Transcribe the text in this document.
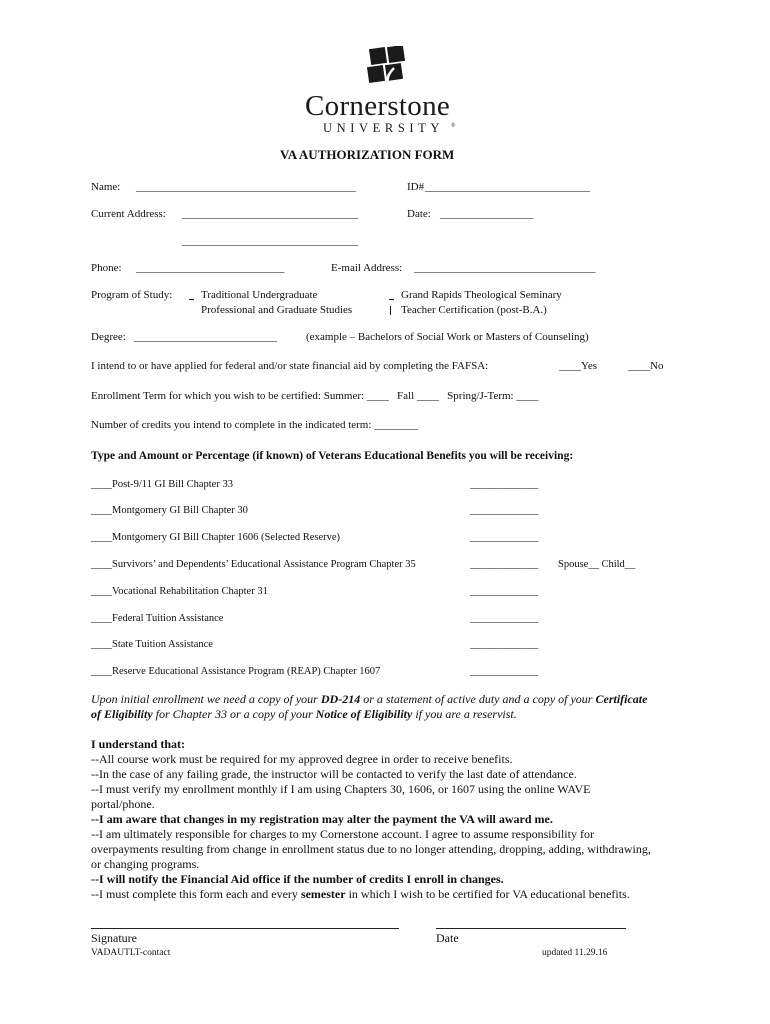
Cornerstone
UNIVERSITY ®
VA AUTHORIZATION FORM
Name: ________________________________________	ID# ______________________________
Current Address: ________________________________	Date: _________________
________________________________
Phone: ___________________________	E-mail Address: _________________________________
Program of Study:	Traditional Undergraduate	Grand Rapids Theological Seminary
Professional and Graduate Studies	Teacher Certification (post-B.A.)
Degree: __________________________	(example – Bachelors of Social Work or Masters of Counseling)
I intend to or have applied for federal and/or state financial aid by completing the FAFSA:	____Yes	____No
Enrollment Term for which you wish to be certified: Summer: ____   Fall ____   Spring/J-Term: ____
Number of credits you intend to complete in the indicated term: ________
Type and Amount or Percentage (if known) of Veterans Educational Benefits you will be receiving:
____Post-9/11 GI Bill Chapter 33	_____________
____Montgomery GI Bill Chapter 30	_____________
____Montgomery GI Bill Chapter 1606 (Selected Reserve)	_____________
____Survivors’ and Dependents’ Educational Assistance Program Chapter 35	_____________ Spouse__ Child__
____Vocational Rehabilitation Chapter 31	_____________
____Federal Tuition Assistance	_____________
____State Tuition Assistance	_____________
____Reserve Educational Assistance Program (REAP) Chapter 1607	_____________
Upon initial enrollment we need a copy of your DD-214 or a statement of active duty and a copy of your Certificate
of Eligibility for Chapter 33 or a copy of your Notice of Eligibility if you are a reservist.
I understand that:
--All course work must be required for my approved degree in order to receive benefits.
--In the case of any failing grade, the instructor will be contacted to verify the last date of attendance.
--I must verify my enrollment monthly if I am using Chapters 30, 1606, or 1607 using the online WAVE
portal/phone.
--I am aware that changes in my registration may alter the payment the VA will award me.
--I am ultimately responsible for charges to my Cornerstone account. I agree to assume responsibility for
overpayments resulting from change in enrollment status due to no longer attending, dropping, adding, withdrawing,
or changing programs.
--I will notify the Financial Aid office if the number of credits I enroll in changes.
--I must complete this form each and every semester in which I wish to be certified for VA educational benefits.
Signature	Date
VADAUTLT-contact	updated 11.29.16
